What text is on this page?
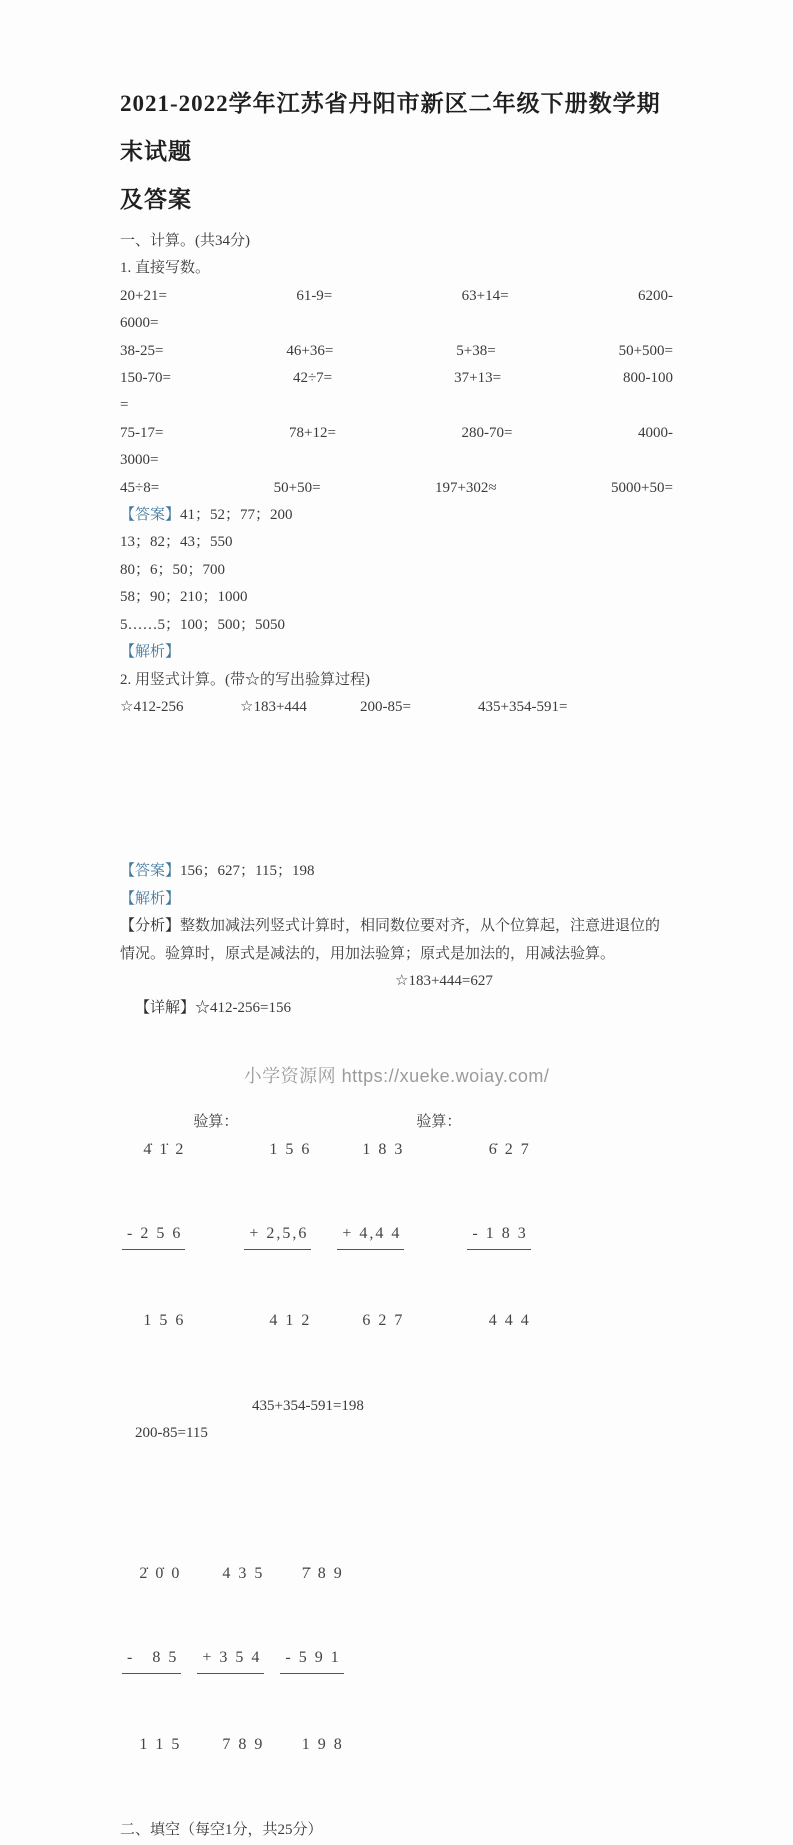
2021-2022学年江苏省丹阳市新区二年级下册数学期末试题
及答案
一、计算。(共34分)
1. 直接写数。
20+21=	61-9=	63+14=	6200-
6000=
38-25=	46+36=	5+38=	50+500=
150-70=	42÷7=	37+13=	800-100
=
75-17=	78+12=	280-70=	4000-
3000=
45÷8=	50+50=	197+302≈	5000+50=
【答案】41；52；77；200
13；82；43；550
80；6；50；700
58；90；210；1000
5……5；100；500；5050
【解析】
2. 用竖式计算。(带☆的写出验算过程)

☆412-256

	☆183+444

	200-85=

	435+354-591=

【答案】156；627；115；198
【解析】
【分析】整数加减法列竖式计算时，相同数位要对齐，从个位算起，注意进退位的情况。验算时，原式是减法的，用加法验算；原式是加法的，用减法验算。

【详解】☆412-256=156

☆183+444=627

4̇ 1̇ 2

- 2 5 6

1 5 6

验算：

1 5 6

+ 2,5,6

4 1 2

1 8 3

+ 4,4 4

6 2 7

验算：

6̇ 2 7

- 1 8 3

4 4 4

200-85=115

435+354-591=198

2̇ 0̇ 0

-   8 5

1 1 5

4 3 5

+ 3 5 4

7 8 9

7̇ 8 9

- 5 9 1

1 9 8

二、填空（每空1分，共25分）
小学资源网 https://xueke.woiay.com/
